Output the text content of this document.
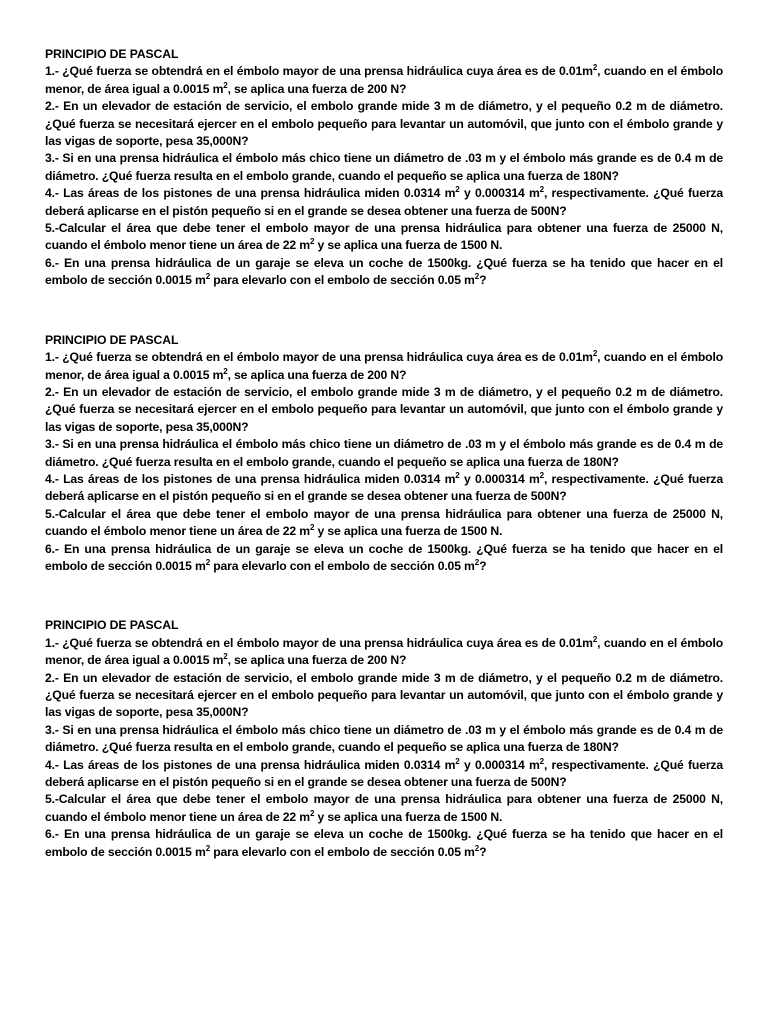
PRINCIPIO DE PASCAL
1.- ¿Qué fuerza se obtendrá en el émbolo mayor de una prensa hidráulica cuya área es de $0.01m^2$, cuando en el émbolo menor, de área igual a 0.0015 $m^2$, se aplica una fuerza de 200 N?
2.- En un elevador de estación de servicio, el embolo grande mide 3 m de diámetro, y el pequeño 0.2 m de diámetro. ¿Qué fuerza se necesitará ejercer en el embolo pequeño para levantar un automóvil, que junto con el émbolo grande y las vigas de soporte, pesa 35,000N?
3.- Si en una prensa hidráulica el émbolo más chico tiene un diámetro de .03 m y el émbolo más grande es de 0.4 m de diámetro. ¿Qué fuerza resulta en el embolo grande, cuando el pequeño se aplica una fuerza de 180N?
4.- Las áreas de los pistones de una prensa hidráulica miden 0.0314 $m^2$ y 0.000314 $m^2$, respectivamente. ¿Qué fuerza deberá aplicarse en el pistón pequeño si en el grande se desea obtener una fuerza de 500N?
5.-Calcular el área que debe tener el embolo mayor de una prensa hidráulica para obtener una fuerza de 25000 N, cuando el émbolo menor tiene un área de 22 $m^2$ y se aplica una fuerza de 1500 N.
6.- En una prensa hidráulica de un garaje se eleva un coche de 1500kg. ¿Qué fuerza se ha tenido que hacer en el embolo de sección 0.0015 $m^2$ para elevarlo con el embolo de sección 0.05 $m^2$?
PRINCIPIO DE PASCAL
1.- ¿Qué fuerza se obtendrá en el émbolo mayor de una prensa hidráulica cuya área es de $0.01m^2$, cuando en el émbolo menor, de área igual a 0.0015 $m^2$, se aplica una fuerza de 200 N?
2.- En un elevador de estación de servicio, el embolo grande mide 3 m de diámetro, y el pequeño 0.2 m de diámetro. ¿Qué fuerza se necesitará ejercer en el embolo pequeño para levantar un automóvil, que junto con el émbolo grande y las vigas de soporte, pesa 35,000N?
3.- Si en una prensa hidráulica el émbolo más chico tiene un diámetro de .03 m y el émbolo más grande es de 0.4 m de diámetro. ¿Qué fuerza resulta en el embolo grande, cuando el pequeño se aplica una fuerza de 180N?
4.- Las áreas de los pistones de una prensa hidráulica miden 0.0314 $m^2$ y 0.000314 $m^2$, respectivamente. ¿Qué fuerza deberá aplicarse en el pistón pequeño si en el grande se desea obtener una fuerza de 500N?
5.-Calcular el área que debe tener el embolo mayor de una prensa hidráulica para obtener una fuerza de 25000 N, cuando el émbolo menor tiene un área de 22 $m^2$ y se aplica una fuerza de 1500 N.
6.- En una prensa hidráulica de un garaje se eleva un coche de 1500kg. ¿Qué fuerza se ha tenido que hacer en el embolo de sección 0.0015 $m^2$ para elevarlo con el embolo de sección 0.05 $m^2$?
PRINCIPIO DE PASCAL
1.- ¿Qué fuerza se obtendrá en el émbolo mayor de una prensa hidráulica cuya área es de $0.01m^2$, cuando en el émbolo menor, de área igual a 0.0015 $m^2$, se aplica una fuerza de 200 N?
2.- En un elevador de estación de servicio, el embolo grande mide 3 m de diámetro, y el pequeño 0.2 m de diámetro. ¿Qué fuerza se necesitará ejercer en el embolo pequeño para levantar un automóvil, que junto con el émbolo grande y las vigas de soporte, pesa 35,000N?
3.- Si en una prensa hidráulica el émbolo más chico tiene un diámetro de .03 m y el émbolo más grande es de 0.4 m de diámetro. ¿Qué fuerza resulta en el embolo grande, cuando el pequeño se aplica una fuerza de 180N?
4.- Las áreas de los pistones de una prensa hidráulica miden 0.0314 $m^2$ y 0.000314 $m^2$, respectivamente. ¿Qué fuerza deberá aplicarse en el pistón pequeño si en el grande se desea obtener una fuerza de 500N?
5.-Calcular el área que debe tener el embolo mayor de una prensa hidráulica para obtener una fuerza de 25000 N, cuando el émbolo menor tiene un área de 22 $m^2$ y se aplica una fuerza de 1500 N.
6.- En una prensa hidráulica de un garaje se eleva un coche de 1500kg. ¿Qué fuerza se ha tenido que hacer en el embolo de sección 0.0015 $m^2$ para elevarlo con el embolo de sección 0.05 $m^2$?
